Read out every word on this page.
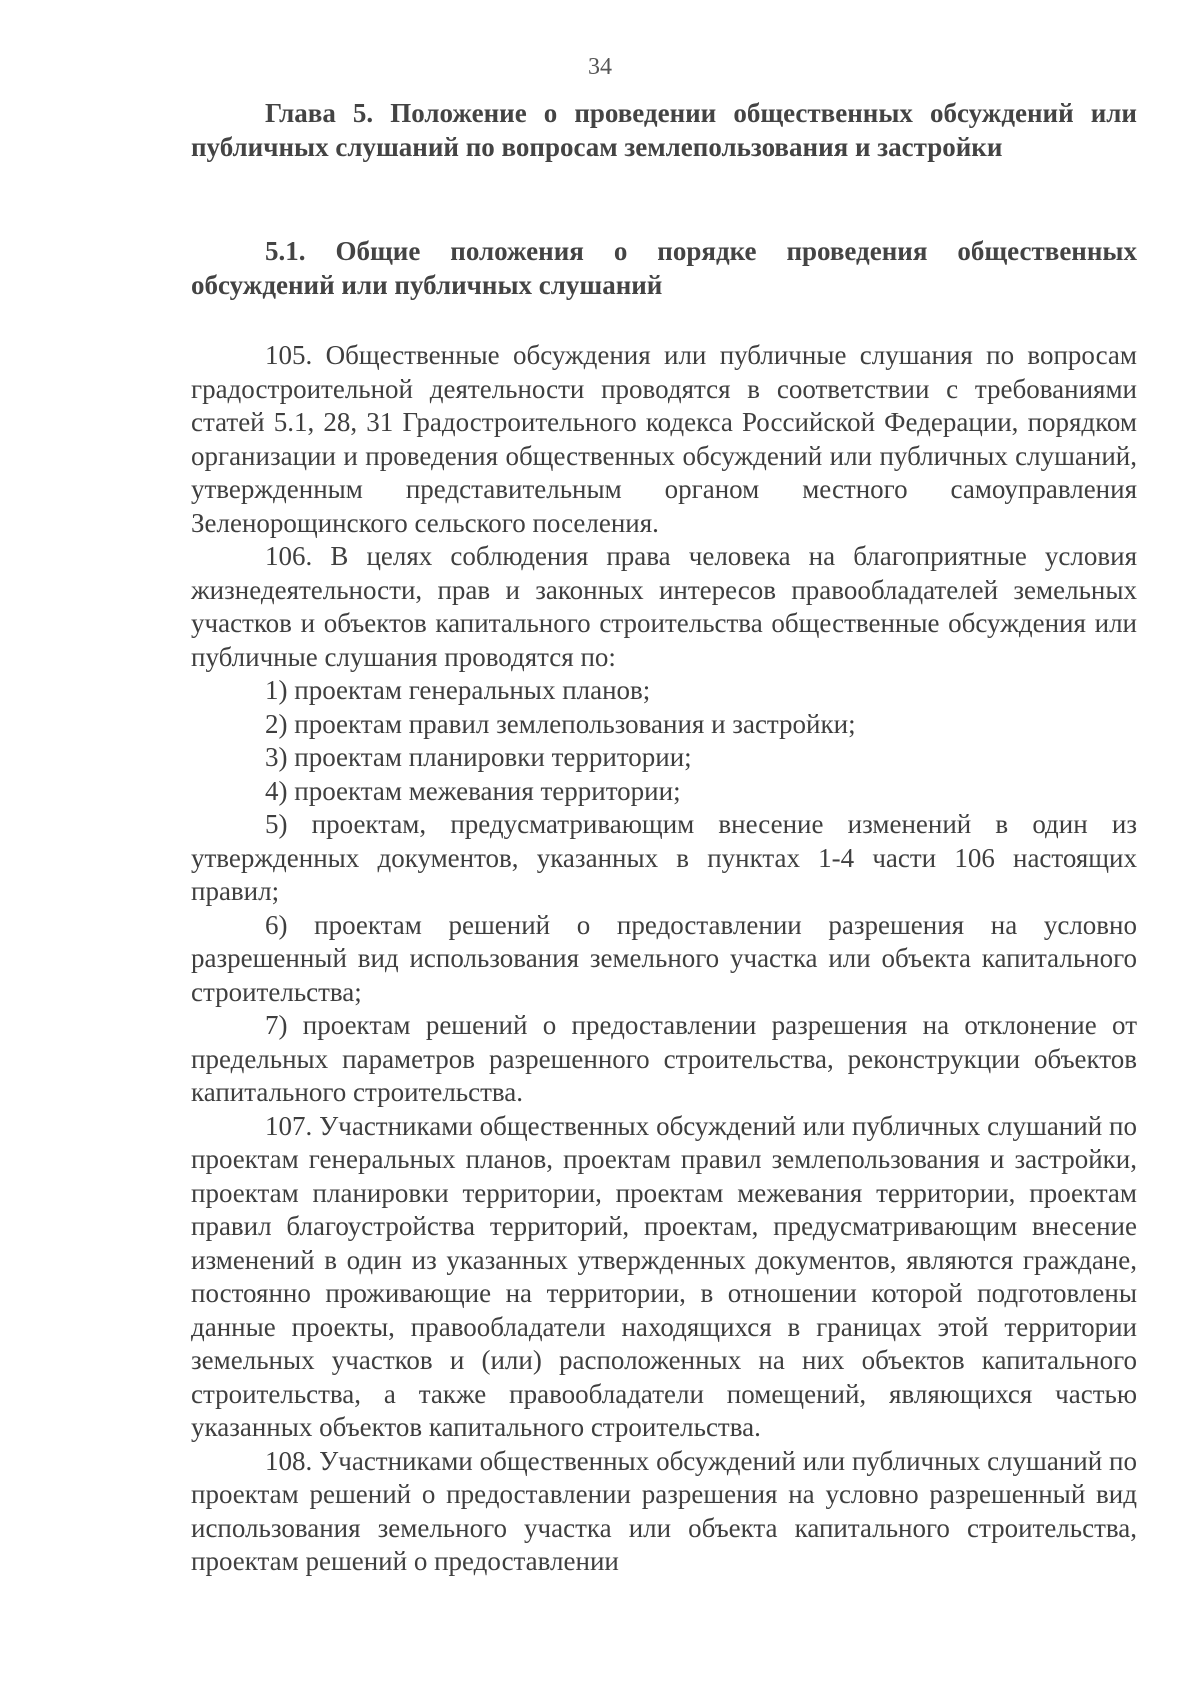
34
Глава 5. Положение о проведении общественных обсуждений или публичных слушаний по вопросам землепользования и застройки
5.1. Общие положения о порядке проведения общественных обсуждений или публичных слушаний

105. Общественные обсуждения или публичные слушания по вопросам градостроительной деятельности проводятся в соответствии с требованиями статей 5.1, 28, 31 Градостроительного кодекса Российской Федерации, порядком организации и проведения общественных обсуждений или публичных слушаний, утвержденным представительным органом местного самоуправления Зеленорощинского сельского поселения.

106. В целях соблюдения права человека на благоприятные условия жизнедеятельности, прав и законных интересов правообладателей земельных участков и объектов капитального строительства общественные обсуждения или публичные слушания проводятся по:

1) проектам генеральных планов;

2) проектам правил землепользования и застройки;

3) проектам планировки территории;

4) проектам межевания территории;

5) проектам, предусматривающим внесение изменений в один из утвержденных документов, указанных в пунктах 1-4 части 106 настоящих правил;

6) проектам решений о предоставлении разрешения на условно разрешенный вид использования земельного участка или объекта капитального строительства;

7) проектам решений о предоставлении разрешения на отклонение от предельных параметров разрешенного строительства, реконструкции объектов капитального строительства.

107. Участниками общественных обсуждений или публичных слушаний по проектам генеральных планов, проектам правил землепользования и застройки, проектам планировки территории, проектам межевания территории, проектам правил благоустройства территорий, проектам, предусматривающим внесение изменений в один из указанных утвержденных документов, являются граждане, постоянно проживающие на территории, в отношении которой подготовлены данные проекты, правообладатели находящихся в границах этой территории земельных участков и (или) расположенных на них объектов капитального строительства, а также правообладатели помещений, являющихся частью указанных объектов капитального строительства.

108. Участниками общественных обсуждений или публичных слушаний по проектам решений о предоставлении разрешения на условно разрешенный вид использования земельного участка или объекта капитального строительства, проектам решений о предоставлении
